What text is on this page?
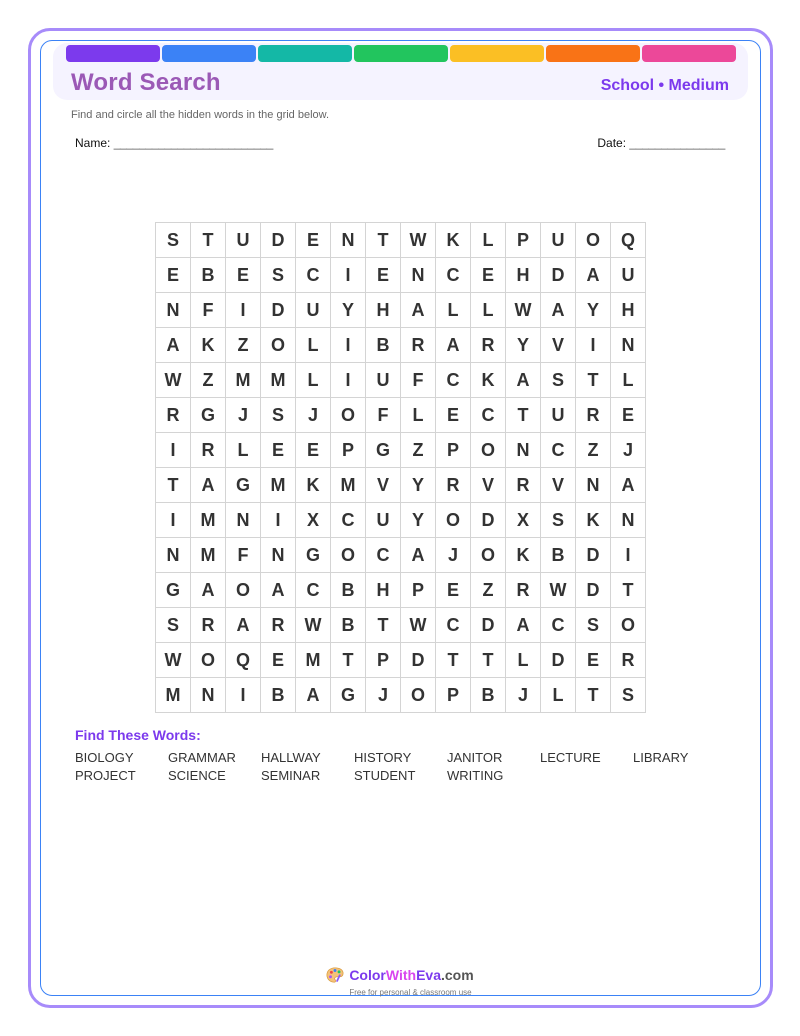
Word Search	School • Medium
Find and circle all the hidden words in the grid below.
Name: _________________________	Date: _______________
S	T	U	D	E	N	T	W	K	L	P	U	O	Q
E	B	E	S	C	I	E	N	C	E	H	D	A	U
N	F	I	D	U	Y	H	A	L	L	W	A	Y	H
A	K	Z	O	L	I	B	R	A	R	Y	V	I	N
W	Z	M	M	L	I	U	F	C	K	A	S	T	L
R	G	J	S	J	O	F	L	E	C	T	U	R	E
I	R	L	E	E	P	G	Z	P	O	N	C	Z	J
T	A	G	M	K	M	V	Y	R	V	R	V	N	A
I	M	N	I	X	C	U	Y	O	D	X	S	K	N
N	M	F	N	G	O	C	A	J	O	K	B	D	I
G	A	O	A	C	B	H	P	E	Z	R	W	D	T
S	R	A	R	W	B	T	W	C	D	A	C	S	O
W	O	Q	E	M	T	P	D	T	T	L	D	E	R
M	N	I	B	A	G	J	O	P	B	J	L	T	S
Find These Words:
BIOLOGY	GRAMMAR	HALLWAY	HISTORY	JANITOR	LECTURE	LIBRARY
PROJECT	SCIENCE	SEMINAR	STUDENT	WRITING
ColorWithEva.com
Free for personal & classroom use
